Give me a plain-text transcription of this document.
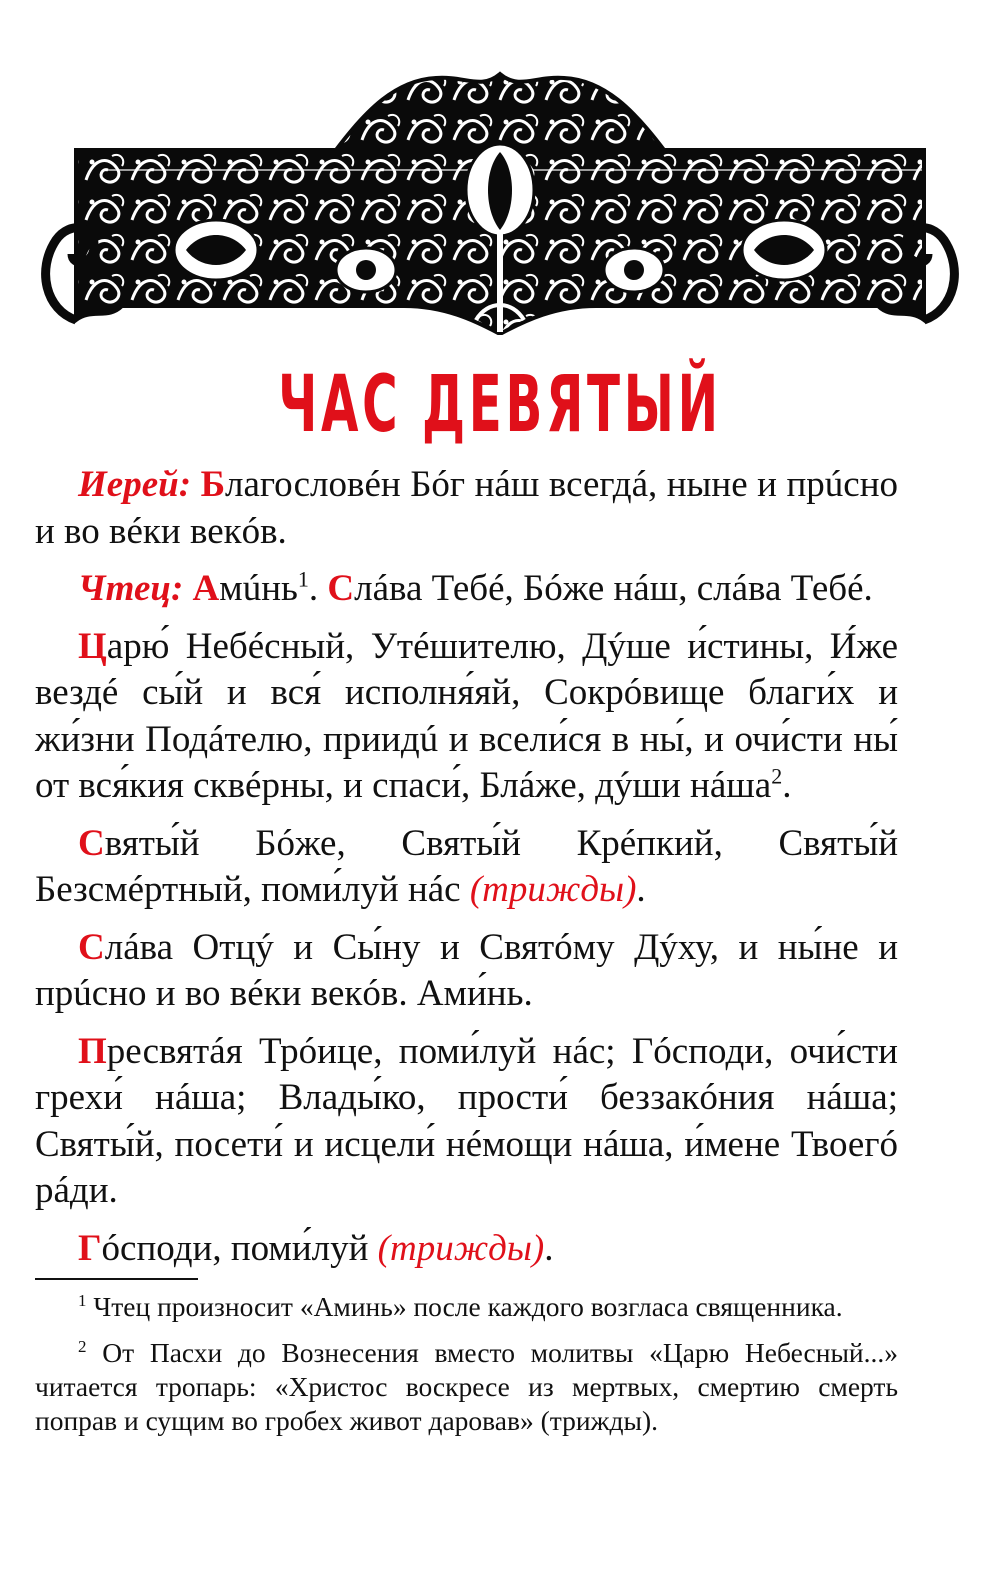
ЧАС ДЕВЯТЫЙ

Иерей: Благословéн Бóг нáш всегдá, нынe и прúсно и во вéки векóв.

Чтец: Амúнь$^1$. Слáва Тебé, Бóже нáш, слáва Тебé.

Царю́ Небéсный, Утéшителю, Дýше и́стины, И́же вездé сы́й и вся́ исполня́яй, Сокрóвище благи́х и жи́зни Подáтелю, приидú и всели́ся в ны́, и очи́сти ны́ от вся́кия сквéрны, и спаси́, Блáже, дýши нáша$^2$.

Святы́й Бóже, Святы́й Крéпкий, Святы́й Безсмéртный, поми́луй нáс (трижды).

Слáва Отцý и Сы́ну и Святóму Дýху, и ны́не и прúсно и во вéки векóв. Ами́нь.

Пресвятáя Трóице, поми́луй нáс; Гóсподи, очи́сти грехи́ нáша; Влады́ко, прости́ беззакóния нáша; Святы́й, посети́ и исцели́ нéмощи нáша, и́мене Твоегó рáди.

Гóсподи, поми́луй (трижды).

$^1$ Чтец произносит «Аминь» после каждого возгласа священника.

$^2$ От Пасхи до Вознесения вместо молитвы «Царю Небесный...» читается тропарь: «Христос воскресе из мертвых, смертию смерть поправ и сущим во гробех живот даровав» (трижды).
